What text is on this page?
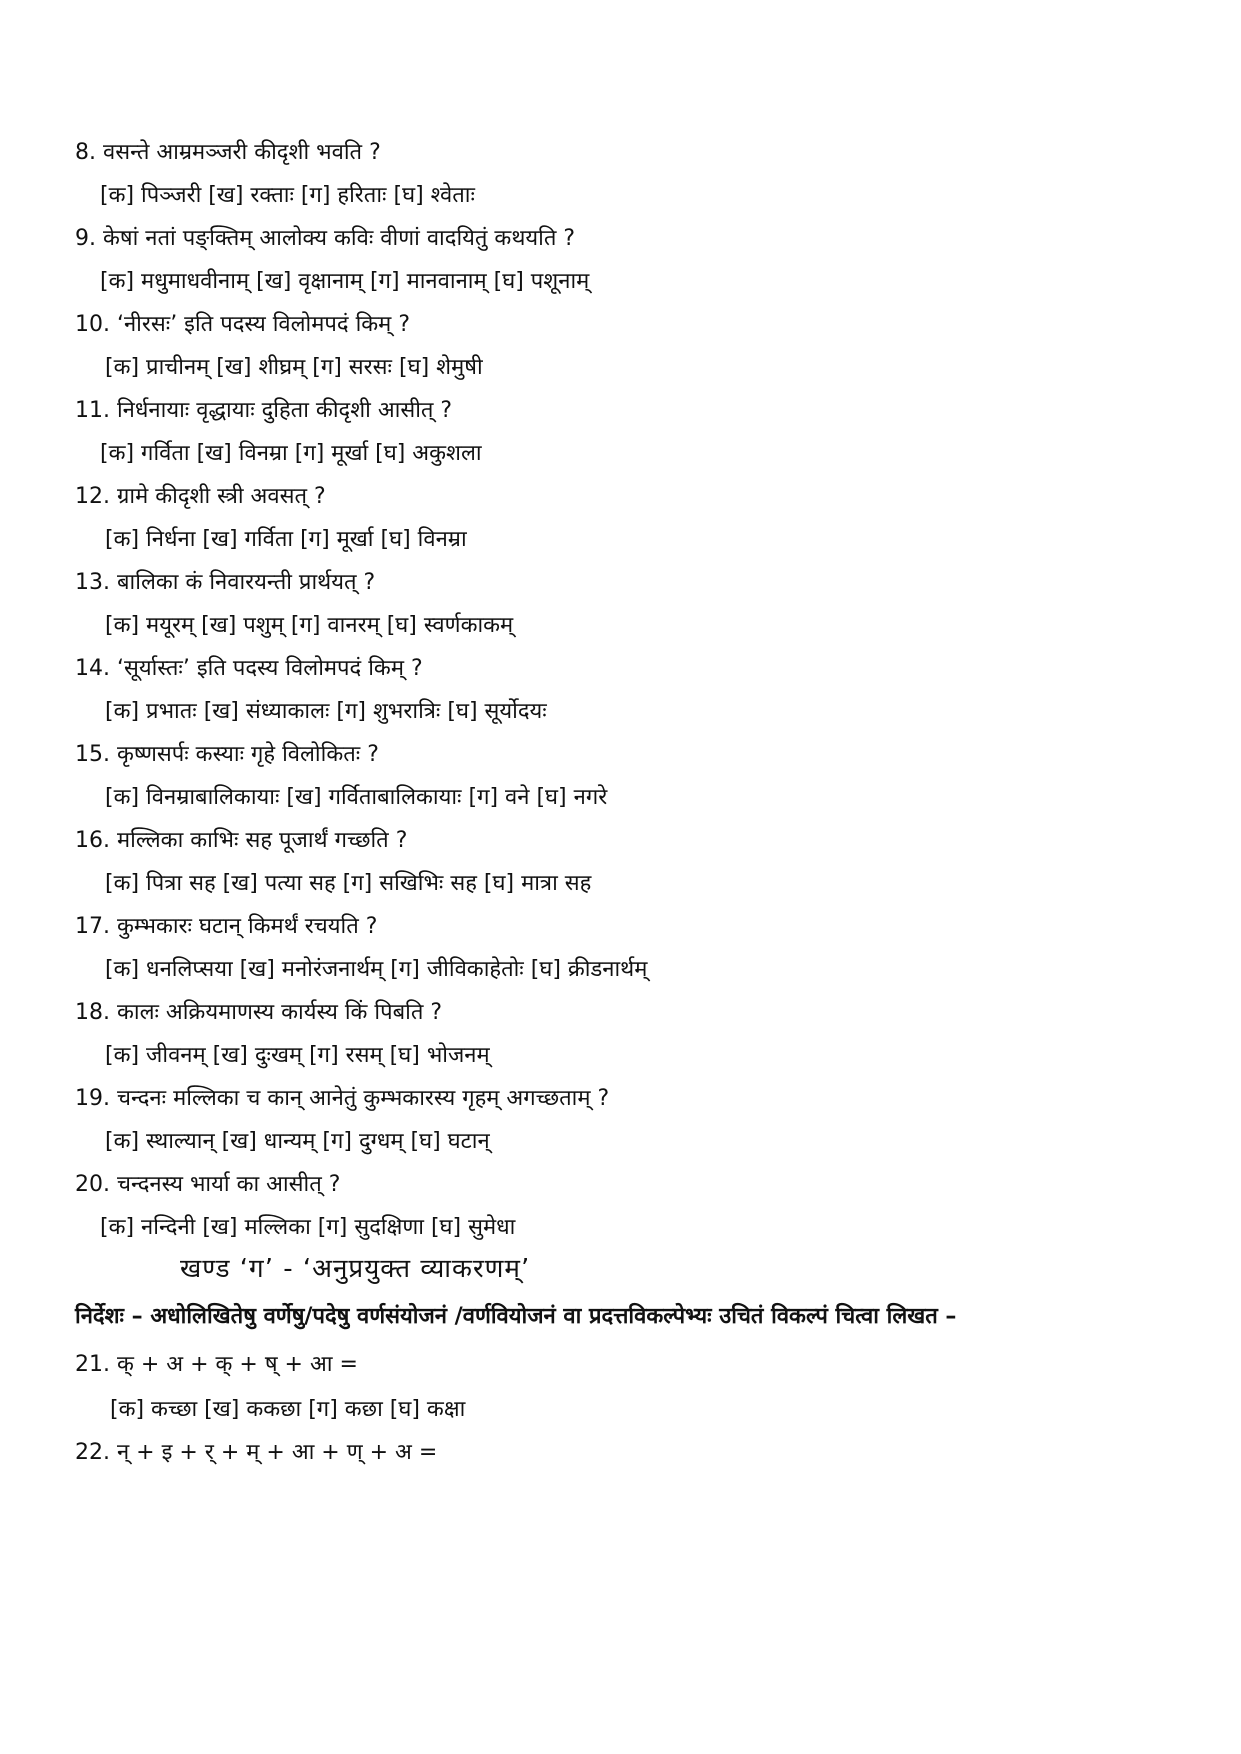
8. वसन्ते आम्रमञ्जरी कीदृशी भवति ?
[क] पिञ्जरी [ख] रक्ताः [ग] हरिताः [घ] श्वेताः
9. केषां नतां पङ्क्तिम् आलोक्य कविः वीणां वादयितुं कथयति ?
[क] मधुमाधवीनाम् [ख] वृक्षानाम् [ग] मानवानाम् [घ] पशूनाम्
10. ‘नीरसः’ इति पदस्य विलोमपदं किम् ?
[क] प्राचीनम् [ख] शीघ्रम् [ग] सरसः [घ] शेमुषी
11. निर्धनायाः वृद्धायाः दुहिता कीदृशी आसीत् ?
[क] गर्विता [ख] विनम्रा [ग] मूर्खा [घ] अकुशला
12. ग्रामे कीदृशी स्त्री अवसत् ?
[क] निर्धना [ख] गर्विता [ग] मूर्खा [घ] विनम्रा
13. बालिका कं निवारयन्ती प्रार्थयत् ?
[क] मयूरम् [ख] पशुम् [ग] वानरम् [घ] स्वर्णकाकम्
14. ‘सूर्यास्तः’ इति पदस्य विलोमपदं किम् ?
[क] प्रभातः [ख] संध्याकालः [ग] शुभरात्रिः [घ] सूर्योदयः
15. कृष्णसर्पः कस्याः गृहे विलोकितः ?
[क] विनम्राबालिकायाः [ख] गर्विताबालिकायाः [ग] वने [घ] नगरे
16. मल्लिका काभिः सह पूजार्थं गच्छति ?
[क] पित्रा सह [ख] पत्या सह [ग] सखिभिः सह [घ] मात्रा सह
17. कुम्भकारः घटान् किमर्थं रचयति ?
[क] धनलिप्सया [ख] मनोरंजनार्थम् [ग] जीविकाहेतोः [घ] क्रीडनार्थम्
18. कालः अक्रियमाणस्य कार्यस्य किं पिबति ?
[क] जीवनम् [ख] दुःखम् [ग] रसम् [घ] भोजनम्
19. चन्दनः मल्लिका च कान् आनेतुं कुम्भकारस्य गृहम् अगच्छताम् ?
[क] स्थाल्यान् [ख] धान्यम् [ग] दुग्धम् [घ] घटान्
20. चन्दनस्य भार्या का आसीत् ?
[क] नन्दिनी [ख] मल्लिका [ग] सुदक्षिणा [घ] सुमेधा
खण्ड ‘ग’ - ‘अनुप्रयुक्त व्याकरणम्’
निर्देशः – अधोलिखितेषु वर्णेषु/पदेषु वर्णसंयोजनं /वर्णवियोजनं वा प्रदत्तविकल्पेभ्यः उचितं विकल्पं चित्वा लिखत –
21. क् + अ + क् + ष् + आ =
[क] कच्छा [ख] ककछा [ग] कछा [घ] कक्षा
22. न् + इ + र् + म् + आ + ण् + अ =
